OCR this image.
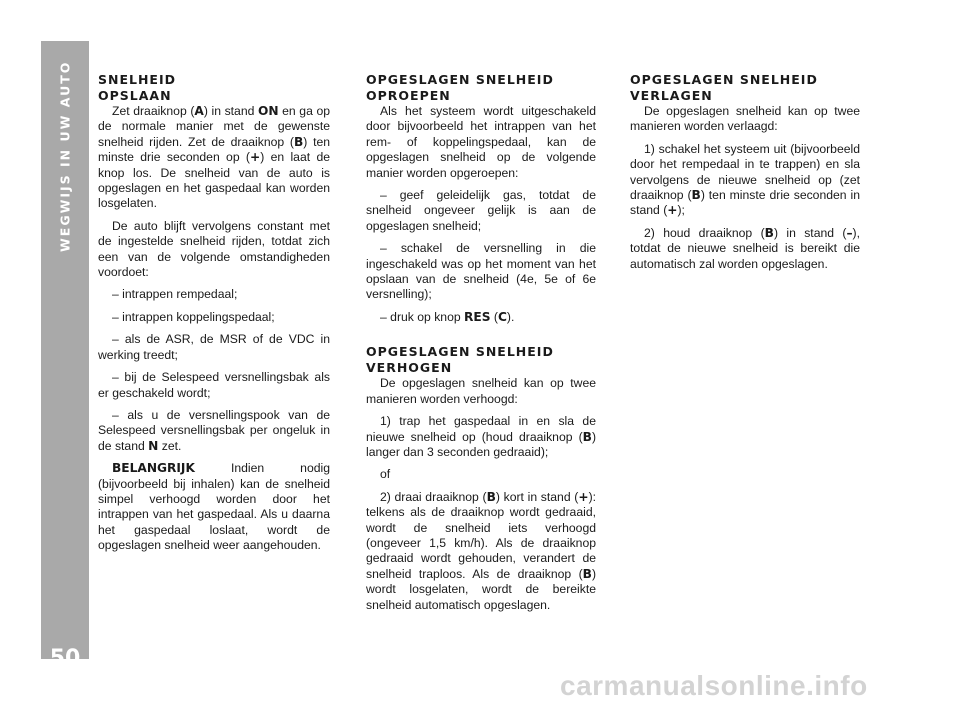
WEGWIJS IN UW AUTO
50
SNELHEID
OPSLAAN

Zet draaiknop (A) in stand ON en ga op de normale manier met de gewenste snelheid rijden. Zet de draaiknop (B) ten minste drie seconden op (+) en laat de knop los. De snelheid van de auto is opgeslagen en het gaspedaal kan worden losgelaten.

De auto blijft vervolgens constant met de ingestelde snelheid rijden, totdat zich een van de volgende omstandigheden voordoet:

– intrappen rempedaal;

– intrappen koppelingspedaal;

– als de ASR, de MSR of de VDC in werking treedt;

– bij de Selespeed versnellingsbak als er geschakeld wordt;

– als u de versnellingspook van de Selespeed versnellingsbak per ongeluk in de stand N zet.

BELANGRIJK Indien nodig (bijvoorbeeld bij inhalen) kan de snelheid simpel verhoogd worden door het intrappen van het gaspedaal. Als u daarna het gaspedaal loslaat, wordt de opgeslagen snelheid weer aangehouden.

OPGESLAGEN SNELHEID
OPROEPEN

Als het systeem wordt uitgeschakeld door bijvoorbeeld het intrappen van het rem- of koppelingspedaal, kan de opgeslagen snelheid op de volgende manier worden opgeroepen:

– geef geleidelijk gas, totdat de snelheid ongeveer gelijk is aan de opgeslagen snelheid;

– schakel de versnelling in die ingeschakeld was op het moment van het opslaan van de snelheid (4e, 5e of 6e versnelling);

– druk op knop RES (C).

OPGESLAGEN SNELHEID
VERHOGEN

De opgeslagen snelheid kan op twee manieren worden verhoogd:

1) trap het gaspedaal in en sla de nieuwe snelheid op (houd draaiknop (B) langer dan 3 seconden gedraaid);

of

2) draai draaiknop (B) kort in stand (+): telkens als de draaiknop wordt gedraaid, wordt de snelheid iets verhoogd (ongeveer 1,5 km/h). Als de draaiknop gedraaid wordt gehouden, verandert de snelheid traploos. Als de draaiknop (B) wordt losgelaten, wordt de bereikte snelheid automatisch opgeslagen.

OPGESLAGEN SNELHEID
VERLAGEN

De opgeslagen snelheid kan op twee manieren worden verlaagd:

1) schakel het systeem uit (bijvoorbeeld door het rempedaal in te trappen) en sla vervolgens de nieuwe snelheid op (zet draaiknop (B) ten minste drie seconden in stand (+);

2) houd draaiknop (B) in stand (–), totdat de nieuwe snelheid is bereikt die automatisch zal worden opgeslagen.

carmanualsonline.info
